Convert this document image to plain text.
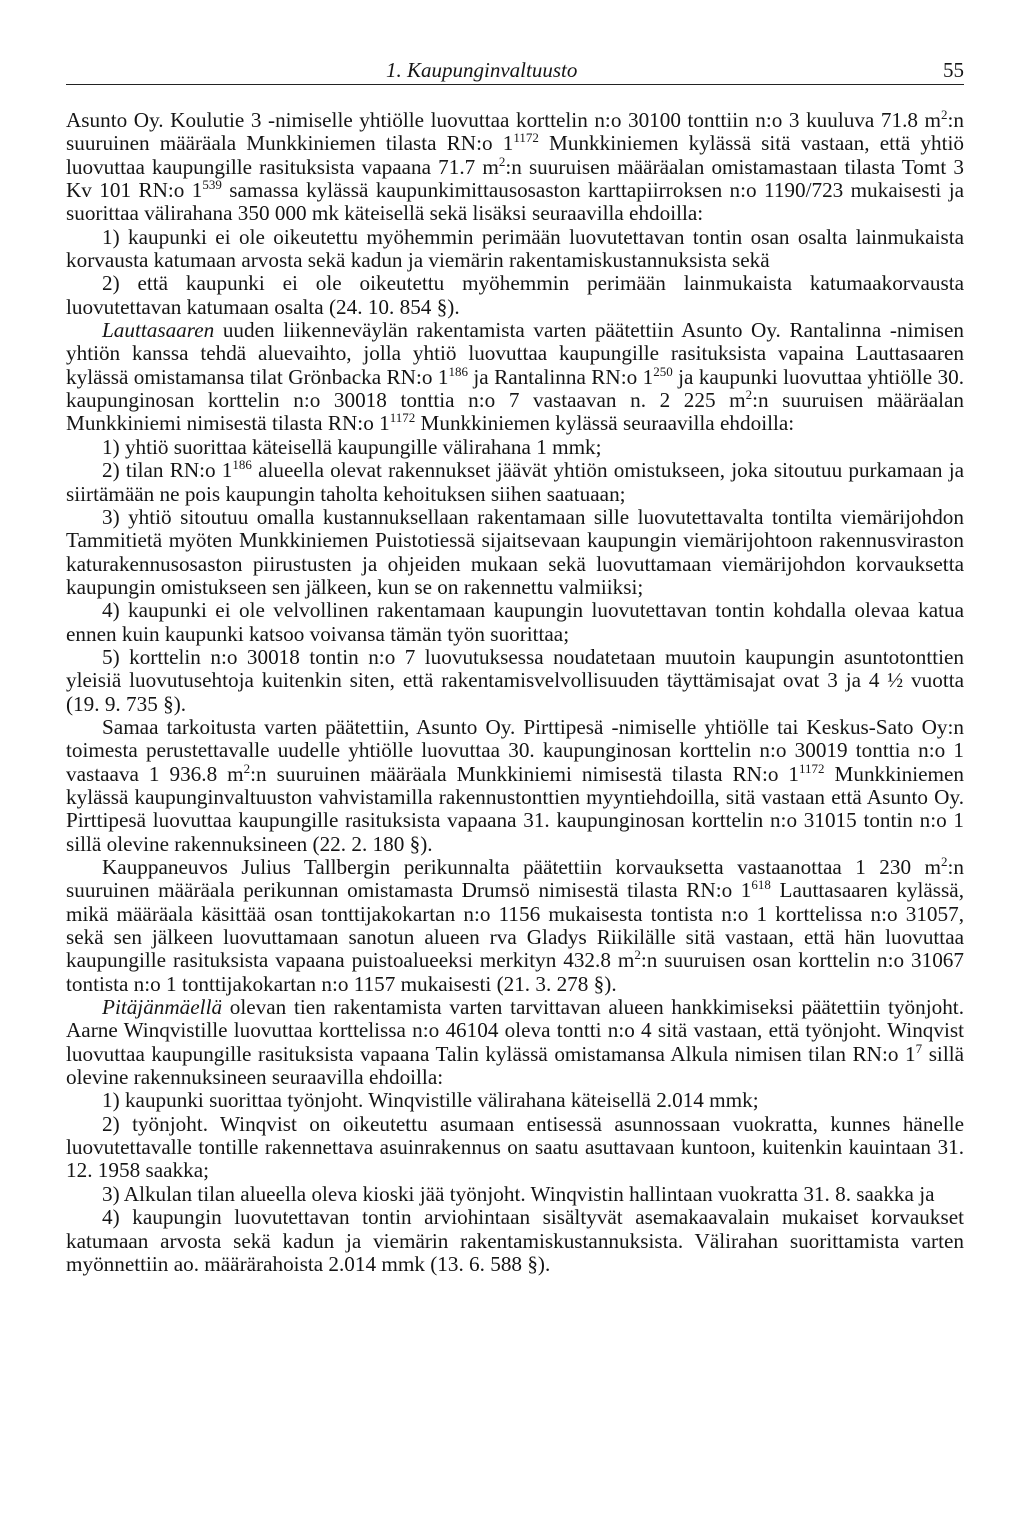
1. Kaupunginvaltuusto	55

Asunto Oy. Koulutie 3 -nimiselle yhtiölle luovuttaa korttelin n:o 30100 tonttiin n:o 3 kuuluva 71.8 $m^2:n$ suuruinen määräala Munkkiniemen tilasta RN:o $1^{1172}$ Munkkiniemen kylässä sitä vastaan, että yhtiö luovuttaa kaupungille rasituksista vapaana 71.7 $m^2:n$ suuruisen määräalan omistamastaan tilasta Tomt 3 Kv 101 RN:o $1^{539}$ samassa kylässä kaupunkimittausosaston karttapiirroksen n:o 1190/723 mukaisesti ja suorittaa välirahana 350 000 mk käteisellä sekä lisäksi seuraavilla ehdoilla:

1) kaupunki ei ole oikeutettu myöhemmin perimään luovutettavan tontin osan osalta lainmukaista korvausta katumaan arvosta sekä kadun ja viemärin rakentamiskustannuksista sekä

2) että kaupunki ei ole oikeutettu myöhemmin perimään lainmukaista katumaakorvausta luovutettavan katumaan osalta (24. 10. 854 §).

Lauttasaaren uuden liikenneväylän rakentamista varten päätettiin Asunto Oy. Rantalinna -nimisen yhtiön kanssa tehdä aluevaihto, jolla yhtiö luovuttaa kaupungille rasituksista vapaina Lauttasaaren kylässä omistamansa tilat Grönbacka RN:o $1^{186}$ ja Rantalinna RN:o $1^{250}$ ja kaupunki luovuttaa yhtiölle 30. kaupunginosan korttelin n:o 30018 tonttia n:o 7 vastaavan n. 2 225 $m^2:n$ suuruisen määräalan Munkkiniemi nimisestä tilasta RN:o $1^{1172}$ Munkkiniemen kylässä seuraavilla ehdoilla:

1) yhtiö suorittaa käteisellä kaupungille välirahana 1 mmk;

2) tilan RN:o $1^{186}$ alueella olevat rakennukset jäävät yhtiön omistukseen, joka sitoutuu purkamaan ja siirtämään ne pois kaupungin taholta kehoituksen siihen saatuaan;

3) yhtiö sitoutuu omalla kustannuksellaan rakentamaan sille luovutettavalta tontilta viemärijohdon Tammitietä myöten Munkkiniemen Puistotiessä sijaitsevaan kaupungin viemärijohtoon rakennusviraston katurakennusosaston piirustusten ja ohjeiden mukaan sekä luovuttamaan viemärijohdon korvauksetta kaupungin omistukseen sen jälkeen, kun se on rakennettu valmiiksi;

4) kaupunki ei ole velvollinen rakentamaan kaupungin luovutettavan tontin kohdalla olevaa katua ennen kuin kaupunki katsoo voivansa tämän työn suorittaa;

5) korttelin n:o 30018 tontin n:o 7 luovutuksessa noudatetaan muutoin kaupungin asuntotonttien yleisiä luovutusehtoja kuitenkin siten, että rakentamisvelvollisuuden täyttämisajat ovat 3 ja 4 ½ vuotta (19. 9. 735 §).

Samaa tarkoitusta varten päätettiin, Asunto Oy. Pirttipesä -nimiselle yhtiölle tai Keskus-Sato Oy:n toimesta perustettavalle uudelle yhtiölle luovuttaa 30. kaupunginosan korttelin n:o 30019 tonttia n:o 1 vastaava 1 936.8 $m^2:n$ suuruinen määräala Munkkiniemi nimisestä tilasta RN:o $1^{1172}$ Munkkiniemen kylässä kaupunginvaltuuston vahvistamilla rakennustonttien myyntiehdoilla, sitä vastaan että Asunto Oy. Pirttipesä luovuttaa kaupungille rasituksista vapaana 31. kaupunginosan korttelin n:o 31015 tontin n:o 1 sillä olevine rakennuksineen (22. 2. 180 §).

Kauppaneuvos Julius Tallbergin perikunnalta päätettiin korvauksetta vastaanottaa 1 230 $m^2:n$ suuruinen määräala perikunnan omistamasta Drumsö nimisestä tilasta RN:o $1^{618}$ Lauttasaaren kylässä, mikä määräala käsittää osan tonttijakokartan n:o 1156 mukaisesta tontista n:o 1 korttelissa n:o 31057, sekä sen jälkeen luovuttamaan sanotun alueen rva Gladys Riikilälle sitä vastaan, että hän luovuttaa kaupungille rasituksista vapaana puistoalueeksi merkityn 432.8 $m^2:n$ suuruisen osan korttelin n:o 31067 tontista n:o 1 tonttijakokartan n:o 1157 mukaisesti (21. 3. 278 §).

Pitäjänmäellä olevan tien rakentamista varten tarvittavan alueen hankkimiseksi päätettiin työnjoht. Aarne Winqvistille luovuttaa korttelissa n:o 46104 oleva tontti n:o 4 sitä vastaan, että työnjoht. Winqvist luovuttaa kaupungille rasituksista vapaana Talin kylässä omistamansa Alkula nimisen tilan RN:o $1^7$ sillä olevine rakennuksineen seuraavilla ehdoilla:

1) kaupunki suorittaa työnjoht. Winqvistille välirahana käteisellä 2.014 mmk;

2) työnjoht. Winqvist on oikeutettu asumaan entisessä asunnossaan vuokratta, kunnes hänelle luovutettavalle tontille rakennettava asuinrakennus on saatu asuttavaan kuntoon, kuitenkin kauintaan 31. 12. 1958 saakka;

3) Alkulan tilan alueella oleva kioski jää työnjoht. Winqvistin hallintaan vuokratta 31. 8. saakka ja

4) kaupungin luovutettavan tontin arviohintaan sisältyvät asemakaavalain mukaiset korvaukset katumaan arvosta sekä kadun ja viemärin rakentamiskustannuksista. Välirahan suorittamista varten myönnettiin ao. määrärahoista 2.014 mmk (13. 6. 588 §).
